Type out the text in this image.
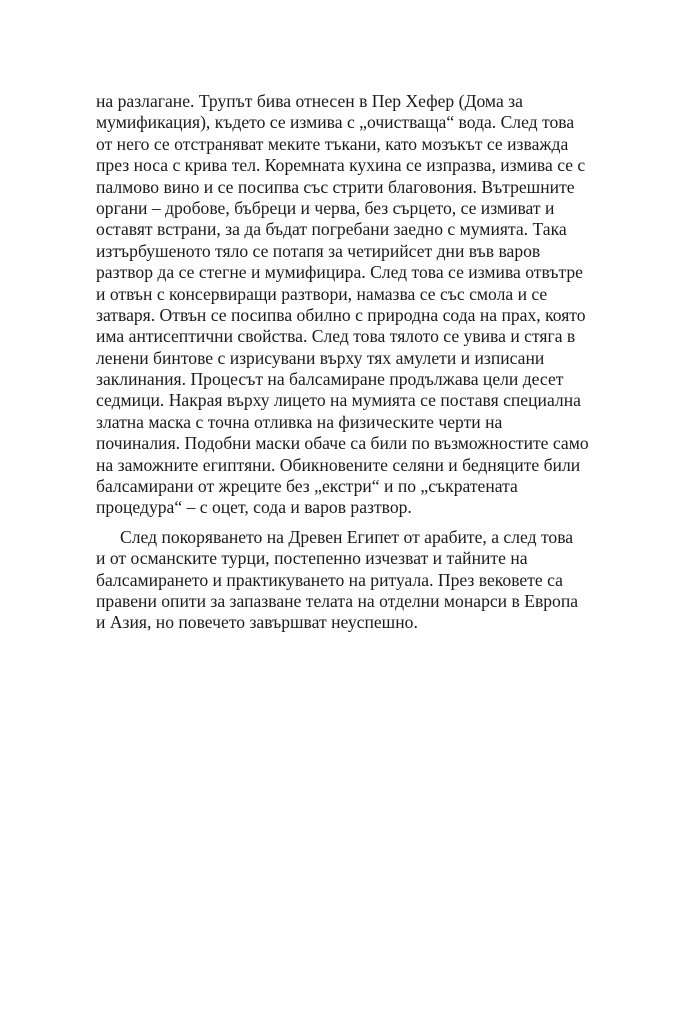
на разлагане. Трупът бива отнесен в Пер Хефер (Дома за
мумификация), където се измива с „очистваща“ вода. След това
от него се отстраняват меките тъкани, като мозъкът се изважда
през носа с крива тел. Коремната кухина се изпразва, измива се с
палмово вино и се посипва със стрити благовония. Вътрешните
органи – дробове, бъбреци и черва, без сърцето, се измиват и
оставят встрани, за да бъдат погребани заедно с мумията. Така
изтърбушеното тяло се потапя за четирийсет дни във варов
разтвор да се стегне и мумифицира. След това се измива отвътре
и отвън с консервиращи разтвори, намазва се със смола и се
затваря. Отвън се посипва обилно с природна сода на прах, която
има антисептични свойства. След това тялото се увива и стяга в
ленени бинтове с изрисувани върху тях амулети и изписани
заклинания. Процесът на балсамиране продължава цели десет
седмици. Накрая върху лицето на мумията се поставя специална
златна маска с точна отливка на физическите черти на
починалия. Подобни маски обаче са били по възможностите само
на заможните египтяни. Обикновените селяни и бедняците били
балсамирани от жреците без „екстри“ и по „съкратената
процедура“ – с оцет, сода и варов разтвор.
След покоряването на Древен Египет от арабите, а след това
и от османските турци, постепенно изчезват и тайните на
балсамирането и практикуването на ритуала. През вековете са
правени опити за запазване телата на отделни монарси в Европа
и Азия, но повечето завършват неуспешно.
